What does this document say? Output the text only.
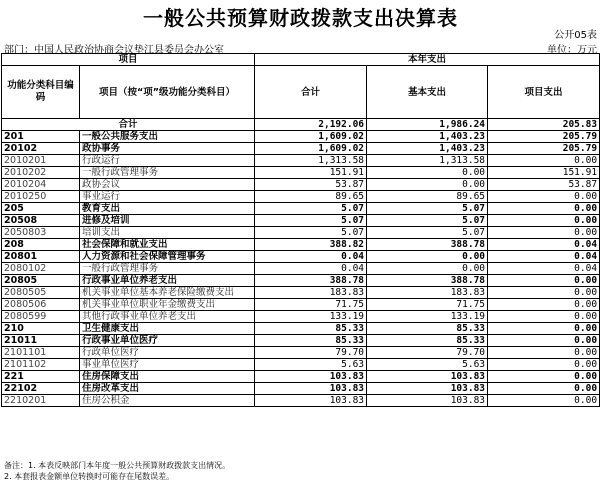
一般公共预算财政拨款支出决算表
公开05表
部门：中国人民政治协商会议垫江县委员会办公室	单位：万元
项目		本年支出		
功能分类科目编码	项目（按“项”级功能分类科目）	合计	基本支出	项目支出
合计		2,192.06	1,986.24	205.83
201	一般公共服务支出	1,609.02	1,403.23	205.79
20102	政协事务	1,609.02	1,403.23	205.79
2010201	行政运行	1,313.58	1,313.58	0.00
2010202	一般行政管理事务	151.91	0.00	151.91
2010204	政协会议	53.87	0.00	53.87
2010250	事业运行	89.65	89.65	0.00
205	教育支出	5.07	5.07	0.00
20508	进修及培训	5.07	5.07	0.00
2050803	培训支出	5.07	5.07	0.00
208	社会保障和就业支出	388.82	388.78	0.04
20801	人力资源和社会保障管理事务	0.04	0.00	0.04
2080102	一般行政管理事务	0.04	0.00	0.04
20805	行政事业单位养老支出	388.78	388.78	0.00
2080505	机关事业单位基本养老保险缴费支出	183.83	183.83	0.00
2080506	机关事业单位职业年金缴费支出	71.75	71.75	0.00
2080599	其他行政事业单位养老支出	133.19	133.19	0.00
210	卫生健康支出	85.33	85.33	0.00
21011	行政事业单位医疗	85.33	85.33	0.00
2101101	行政单位医疗	79.70	79.70	0.00
2101102	事业单位医疗	5.63	5.63	0.00
221	住房保障支出	103.83	103.83	0.00
22102	住房改革支出	103.83	103.83	0.00
2210201	住房公积金	103.83	103.83	0.00
备注：1. 本表反映部门本年度一般公共预算财政拨款支出情况。
2. 本套报表金额单位转换时可能存在尾数误差。
